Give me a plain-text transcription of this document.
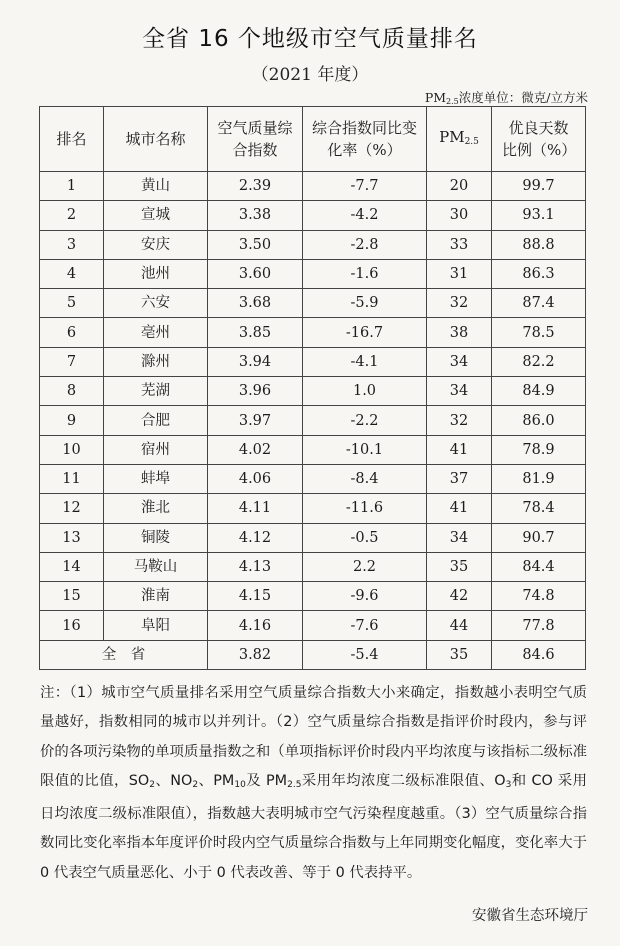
全省 16 个地级市空气质量排名
（2021 年度）
$PM_{2.5}$浓度单位：微克/立方米
排名	城市名称	空气质量综合指数	综合指数同比变化率（%）	$PM_{2.5}$	优良天数比例（%）
1	黄山	2.39	-7.7	20	99.7
2	宣城	3.38	-4.2	30	93.1
3	安庆	3.50	-2.8	33	88.8
4	池州	3.60	-1.6	31	86.3
5	六安	3.68	-5.9	32	87.4
6	亳州	3.85	-16.7	38	78.5
7	滁州	3.94	-4.1	34	82.2
8	芜湖	3.96	1.0	34	84.9
9	合肥	3.97	-2.2	32	86.0
10	宿州	4.02	-10.1	41	78.9
11	蚌埠	4.06	-8.4	37	81.9
12	淮北	4.11	-11.6	41	78.4
13	铜陵	4.12	-0.5	34	90.7
14	马鞍山	4.13	2.2	35	84.4
15	淮南	4.15	-9.6	42	74.8
16	阜阳	4.16	-7.6	44	77.8
全　省		3.82	-5.4	35	84.6
注：（1）城市空气质量排名采用空气质量综合指数大小来确定，指数越小表明空气质量越好，指数相同的城市以并列计。（2）空气质量综合指数是指评价时段内，参与评价的各项污染物的单项质量指数之和（单项指标评价时段内平均浓度与该指标二级标准限值的比值，$SO_2$、$NO_2$、$PM_{10}$及 $PM_{2.5}$采用年均浓度二级标准限值、$O_3$和 CO 采用日均浓度二级标准限值），指数越大表明城市空气污染程度越重。（3）空气质量综合指数同比变化率指本年度评价时段内空气质量综合指数与上年同期变化幅度，变化率大于 0 代表空气质量恶化、小于 0 代表改善、等于 0 代表持平。
安徽省生态环境厅
